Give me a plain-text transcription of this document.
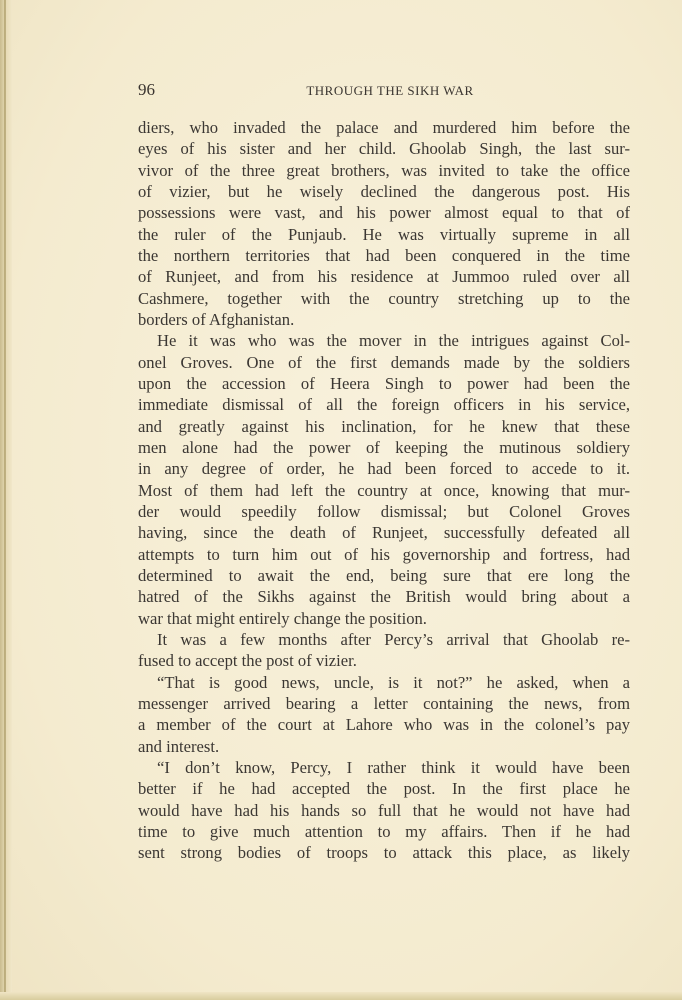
96	THROUGH THE SIKH WAR
diers, who invaded the palace and murdered him before the
eyes of his sister and her child. Ghoolab Singh, the last sur-
vivor of the three great brothers, was invited to take the office
of vizier, but he wisely declined the dangerous post. His
possessions were vast, and his power almost equal to that of
the ruler of the Punjaub. He was virtually supreme in all
the northern territories that had been conquered in the time
of Runjeet, and from his residence at Jummoo ruled over all
Cashmere, together with the country stretching up to the
borders of Afghanistan.
He it was who was the mover in the intrigues against Col-
onel Groves. One of the first demands made by the soldiers
upon the accession of Heera Singh to power had been the
immediate dismissal of all the foreign officers in his service,
and greatly against his inclination, for he knew that these
men alone had the power of keeping the mutinous soldiery
in any degree of order, he had been forced to accede to it.
Most of them had left the country at once, knowing that mur-
der would speedily follow dismissal; but Colonel Groves
having, since the death of Runjeet, successfully defeated all
attempts to turn him out of his governorship and fortress, had
determined to await the end, being sure that ere long the
hatred of the Sikhs against the British would bring about a
war that might entirely change the position.
It was a few months after Percy’s arrival that Ghoolab re-
fused to accept the post of vizier.
“That is good news, uncle, is it not?” he asked, when a
messenger arrived bearing a letter containing the news, from
a member of the court at Lahore who was in the colonel’s pay
and interest.
“I don’t know, Percy, I rather think it would have been
better if he had accepted the post. In the first place he
would have had his hands so full that he would not have had
time to give much attention to my affairs. Then if he had
sent strong bodies of troops to attack this place, as likely
